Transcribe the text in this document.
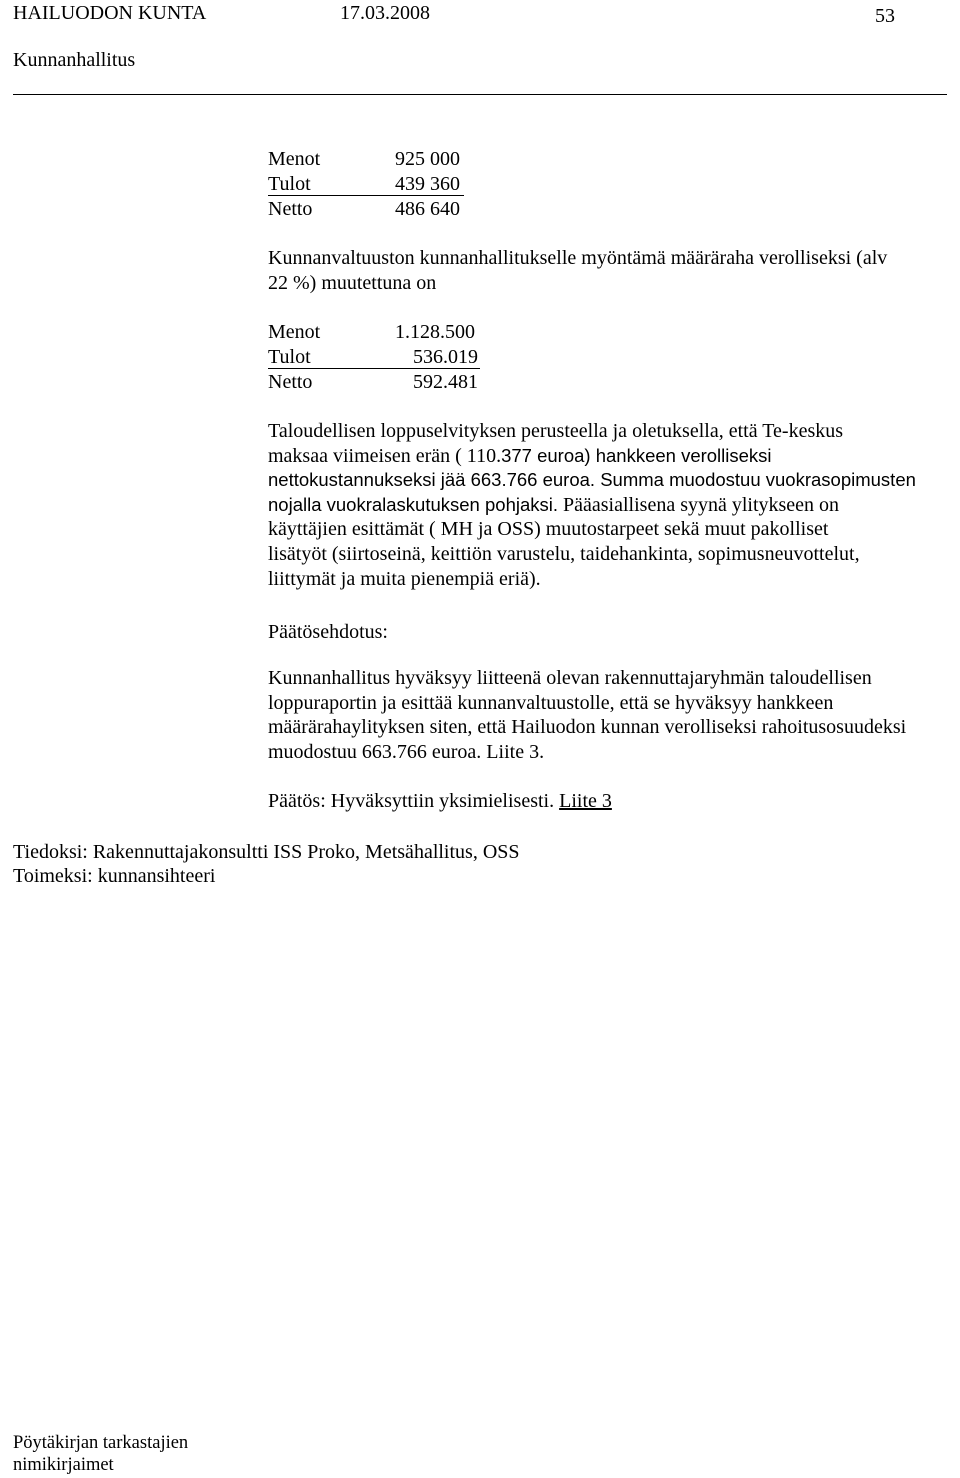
HAILUODON KUNTA	17.03.2008	53
Kunnanhallitus
Menot	925 000
Tulot	439 360
Netto	486 640
Kunnanvaltuuston kunnanhallitukselle myöntämä määräraha verolliseksi (alv
22 %) muutettuna on
Menot	1.128.500
Tulot	536.019
Netto	592.481
Taloudellisen loppuselvityksen perusteella ja oletuksella, että Te-keskus
maksaa viimeisen erän ( 110.377 euroa) hankkeen verolliseksi
nettokustannukseksi jää 663.766 euroa. Summa muodostuu vuokrasopimusten
nojalla vuokralaskutuksen pohjaksi. Pääasiallisena syynä ylitykseen on
käyttäjien esittämät ( MH ja OSS) muutostarpeet sekä muut pakolliset
lisätyöt (siirtoseinä, keittiön varustelu, taidehankinta, sopimusneuvottelut,
liittymät ja muita pienempiä eriä).
Päätösehdotus:
Kunnanhallitus hyväksyy liitteenä olevan rakennuttajaryhmän taloudellisen
loppuraportin ja esittää kunnanvaltuustolle, että se hyväksyy hankkeen
määrärahaylityksen siten, että Hailuodon kunnan verolliseksi rahoitusosuudeksi
muodostuu 663.766 euroa. Liite 3.
Päätös: Hyväksyttiin yksimielisesti. Liite 3
Tiedoksi: Rakennuttajakonsultti ISS Proko, Metsähallitus, OSS
Toimeksi: kunnansihteeri
Pöytäkirjan tarkastajien
nimikirjaimet
